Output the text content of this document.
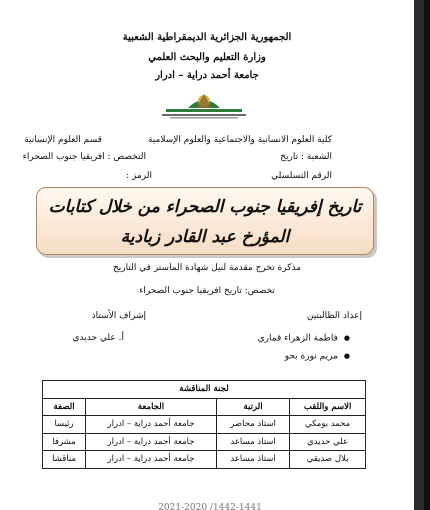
الجمهورية الجزائرية الديمقراطية الشعبية
وزارة التعليم والبحث العلمي
جامعة أحمد دراية – ادرار
كلية العلوم الانسانية والاجتماعية والعلوم الإسلامية
قسم العلوم الإنسانية
الشعبة : تاريخ
التخصص : افريقيا جنوب الصحراء
الرقم التسلسلي
الرمز :
تاريخ إفريقيا جنوب الصحراء من خلال كتابات
المؤرخ عبد القادر زبادية
مذكرة تخرج مقدمة لنيل شهادة الماستر في التاريخ
تخصص: تاريخ افريقيا جنوب الصحراء
إعداد الطالبتين
إشراف الأستاذ
● فاطمة الزهراء قماري
أ. علي حديدي
● مريم نورة بحو
لجنة المناقشة			
الاسم واللقب	الرتبة	الجامعة	الصفة
محمد بومكي	استاذ محاضر	جامعة أحمد دراية – ادرار	رئيسا
علي حديدي	استاذ مساعد	جامعة أحمد دراية – ادرار	مشرفا
بلال صديقي	استاذ مساعد	جامعة أحمد دراية – ادرار	مناقشا
2021-2020 /1442-1441
